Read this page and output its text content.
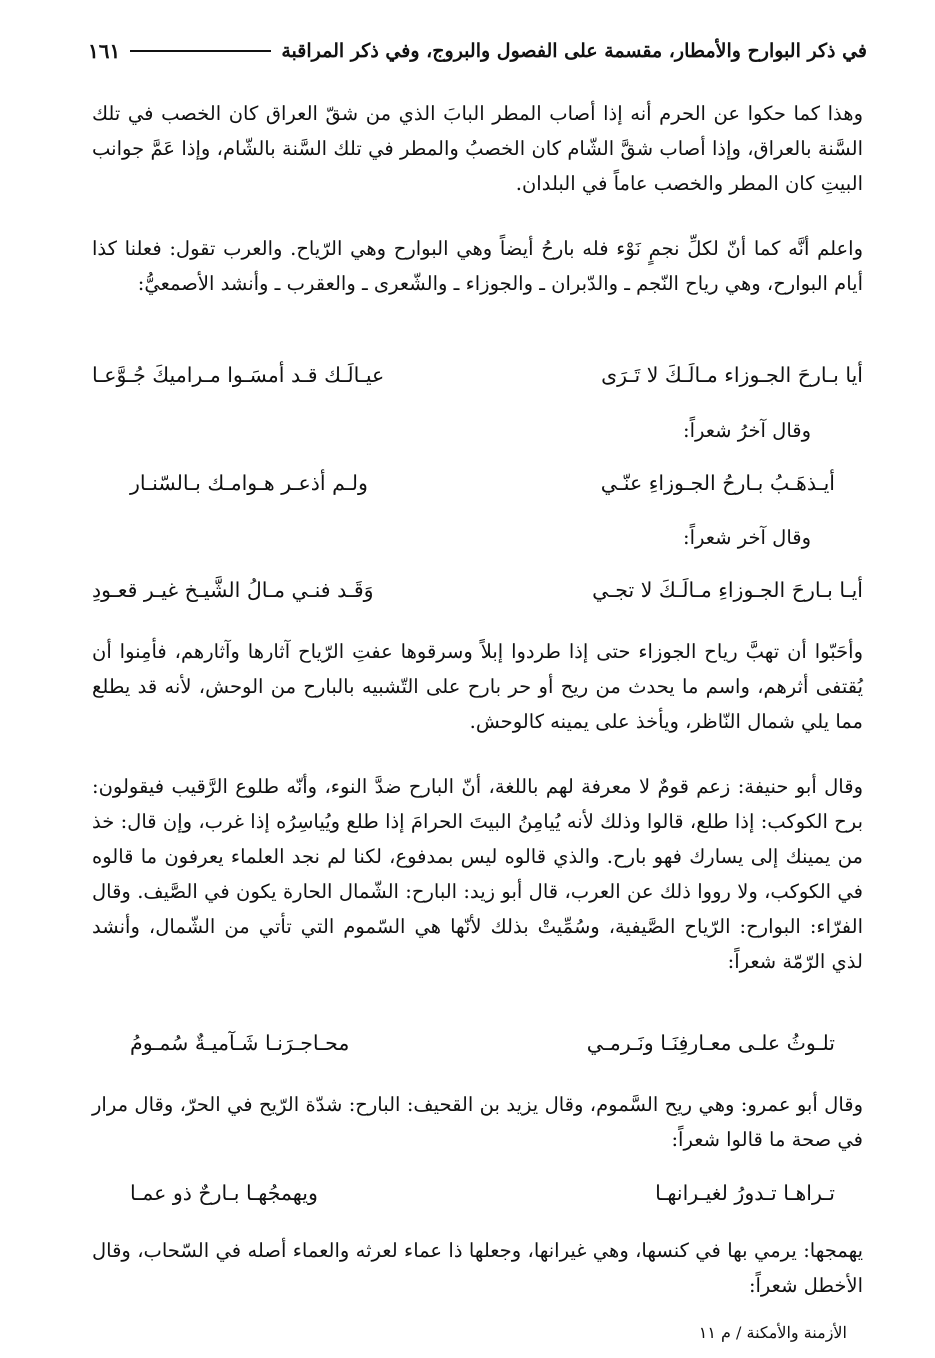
في ذكر البوارح والأمطار، مقسمة على الفصول والبروج، وفي ذكر المراقبة
١٦١
وهذا كما حكوا عن الحرم أنه إذا أصاب المطر البابَ الذي من شقّ العراق كان الخصب في تلك السَّنة بالعراق، وإذا أصاب شقَّ الشّام كان الخصبُ والمطر في تلك السَّنة بالشّام، وإذا عَمَّ جوانب البيتِ كان المطر والخصب عاماً في البلدان.
واعلم أنَّه كما أنّ لكلِّ نجمٍ نَوْء فله بارحُ أيضاً وهي البوارح وهي الرّياح. والعرب تقول: فعلنا كذا أيام البوارح، وهي رياح النّجم ـ والدّبران ـ والجوزاء ـ والشّعرى ـ والعقرب ـ وأنشد الأصمعيُّ:
أيا بـارحَ الجـوزاء مـالَـكَ لا تَـرَى
عيـالَـك قـد أمسَـوا مـراميكَ جُـوَّعـا
وقال آخرُ شعراً:
أيـذهَـبُ بـارحُ الجـوزاءِ عنّـي
ولـم أذعـر هـوامـك بـالسّنـار
وقال آخر شعراً:
أيـا بـارحَ الجـوزاءِ مـالَـكَ لا تجـي
وَقَـد فنـي مـالُ الشَّيـخ غيـر قعـودِ
وأحَبّوا أن تهبَّ رياح الجوزاء حتى إذا طردوا إبلاً وسرقوها عفتِ الرّياح آثارها وآثارهم، فأمِنوا أن يُقتفى أثرهم، واسم ما يحدث من ريح أو حر بارح على التّشبيه بالبارح من الوحش، لأنه قد يطلع مما يلي شمال النّاظر، ويأخذ على يمينه كالوحش.
وقال أبو حنيفة: زعم قومٌ لا معرفة لهم باللغة، أنّ البارح ضدَّ النوء، وأنّه طلوع الرَّقيب فيقولون: برح الكوكب: إذا طلع، قالوا وذلك لأنه يُيامِنُ البيتَ الحرامَ إذا طلع ويُياسِرُه إذا غرب، وإن قال: خذ من يمينك إلى يسارك فهو بارح. والذي قالوه ليس بمدفوع، لكنا لم نجد العلماء يعرفون ما قالوه في الكوكب، ولا رووا ذلك عن العرب، قال أبو زيد: البارح: الشّمال الحارة يكون في الصَّيف. وقال الفرّاء: البوارح: الرّياح الصَّيفية، وسُمِّيتْ بذلك لأنّها هي السّموم التي تأتي من الشّمال، وأنشد لذي الرّمّة شعراً:
تلـوثُ علـى معـارفِنَـا ونَـرمـي
محـاجـرَنـا شَـآميـةٌ سُمـومُ
وقال أبو عمرو: وهي ريح السَّموم، وقال يزيد بن القحيف: البارح: شدّة الرّيح في الحرّ، وقال مرار في صحة ما قالوا شعراً:
تـراهـا تـدورُ لغيـرانهـا
ويهمجُهـا بـارحٌ ذو عمـا
يهمجها: يرمي بها في كنسها، وهي غيرانها، وجعلها ذا عماء لعرثه والعماء أصله في السّحاب، وقال الأخطل شعراً:
الأزمنة والأمكنة / م ١١
